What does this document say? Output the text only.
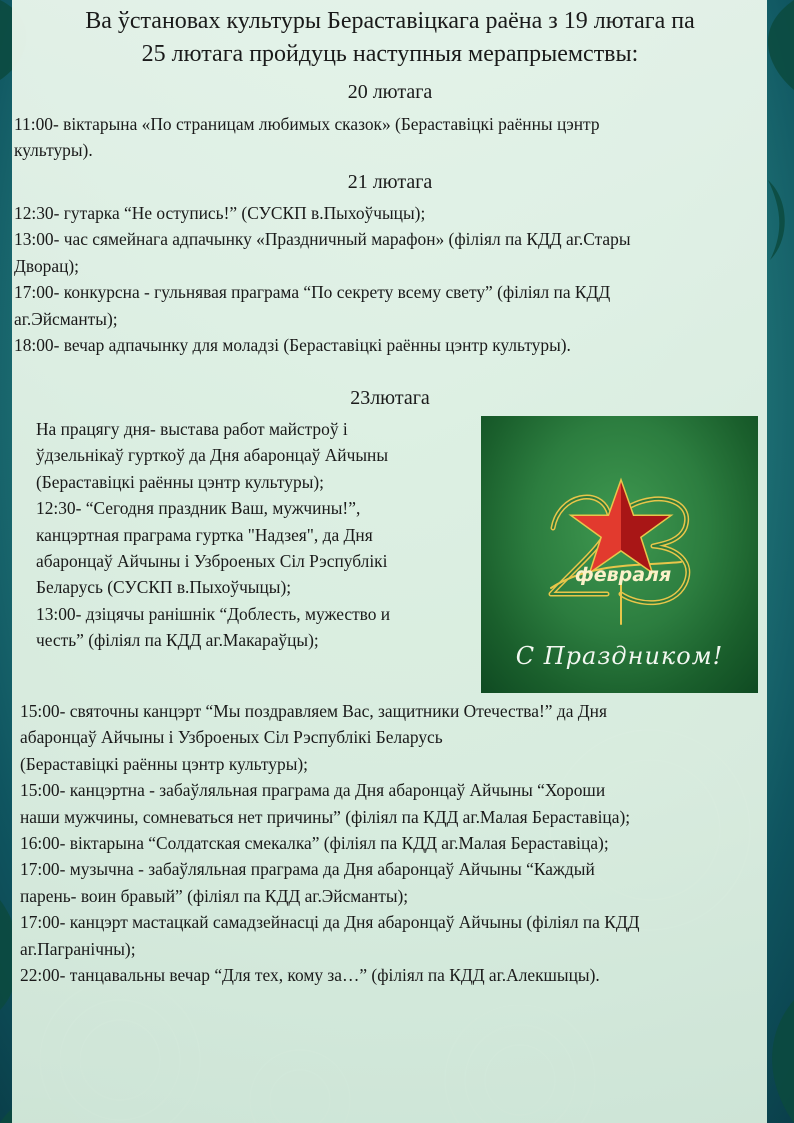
Ва ўстановах культуры Бераставіцкага раёна з 19 лютага па
25 лютага пройдуць наступныя мерапрыемствы:
20 лютага
11:00- віктарына «По страницам любимых сказок» (Бераставіцкі раённы цэнтр
культуры).
21 лютага
12:30- гутарка “Не оступись!” (СУСКП в.Пыхоўчыцы);
13:00- час сямейнага адпачынку «Праздничный марафон» (філіял па КДД аг.Стары
Дворац);
17:00- конкурсна - гульнявая праграма “По секрету всему свету” (філіял па КДД
аг.Эйсманты);
18:00- вечар адпачынку для моладзі (Бераставіцкі раённы цэнтр культуры).
23лютага
На працягу дня- выстава работ майстроў і
ўдзельнікаў гурткоў да Дня абаронцаў Айчыны
(Бераставіцкі раённы цэнтр культуры);
12:30- “Сегодня праздник Ваш, мужчины!”,
канцэртная праграма гуртка "Надзея", да Дня
абаронцаў Айчыны і Узброеных Сіл Рэспублікі
Беларусь (СУСКП в.Пыхоўчыцы);
13:00- дзіцячы ранішнік “Доблесть, мужество и
честь” (філіял па КДД аг.Макараўцы);
февраля
С Праздником!
15:00- святочны канцэрт “Мы поздравляем Вас, защитники Отечества!” да Дня
абаронцаў Айчыны і Узброеных Сіл Рэспублікі Беларусь
(Бераставіцкі раённы цэнтр культуры);
15:00- канцэртна - забаўляльная праграма да Дня абаронцаў Айчыны “Хороши
наши мужчины, сомневаться нет причины” (філіял па КДД аг.Малая Бераставіца);
16:00- віктарына “Солдатская смекалка” (філіял па КДД аг.Малая Бераставіца);
17:00- музычна - забаўляльная праграма да Дня абаронцаў Айчыны “Каждый
парень- воин бравый” (філіял па КДД аг.Эйсманты);
17:00- канцэрт мастацкай самадзейнасці да Дня абаронцаў Айчыны (філіял па КДД
аг.Пагранічны);
22:00- танцавальны вечар “Для тех, кому за…” (філіял па КДД аг.Алекшыцы).
